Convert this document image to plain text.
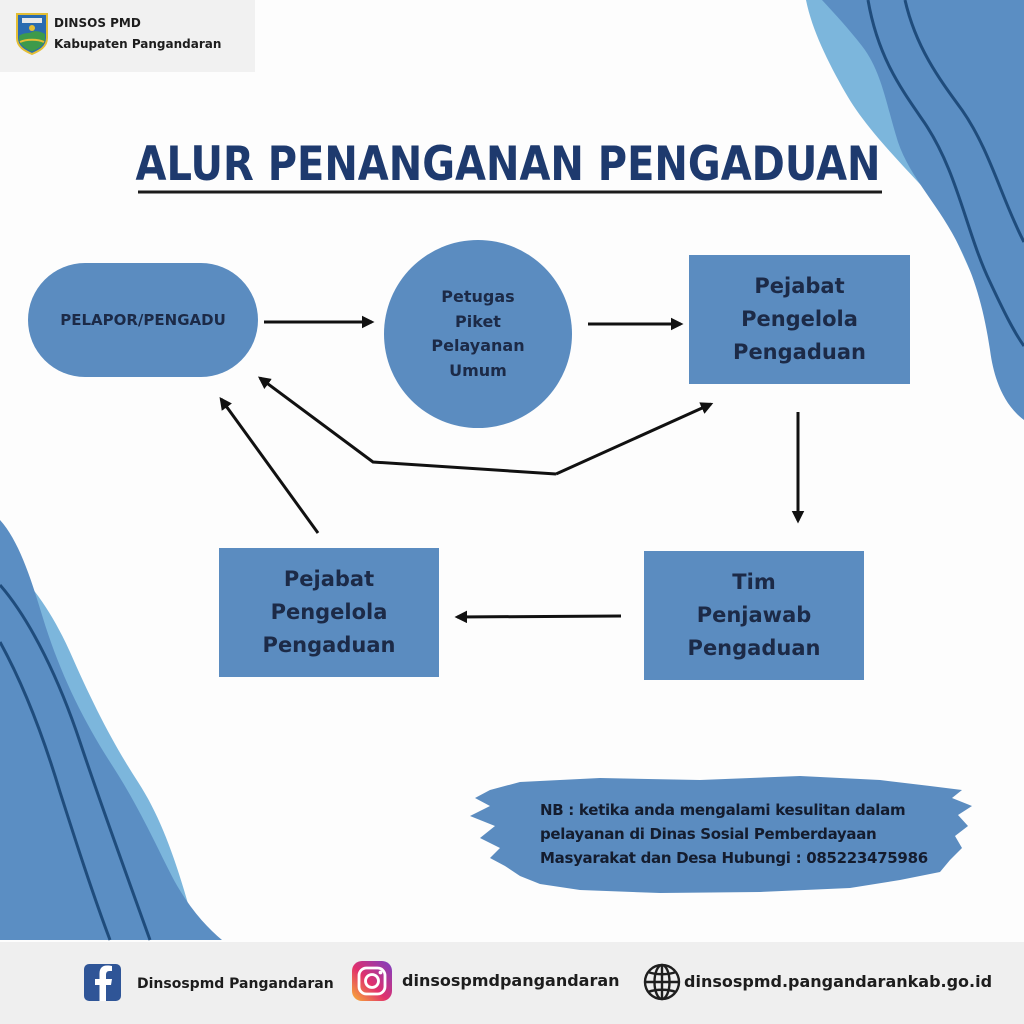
DINSOS PMD
Kabupaten Pangandaran
ALUR PENANGANAN PENGADUAN
PELAPOR/PENGADU
Petugas
Piket
Pelayanan
Umum
Pejabat
Pengelola
Pengaduan
Tim
Penjawab
Pengaduan
Pejabat
Pengelola
Pengaduan
NB : ketika anda mengalami kesulitan dalam
pelayanan di Dinas Sosial Pemberdayaan
Masyarakat dan Desa Hubungi : 085223475986
Dinsospmd Pangandaran	dinsospmdpangandaran	dinsospmd.pangandarankab.go.id
